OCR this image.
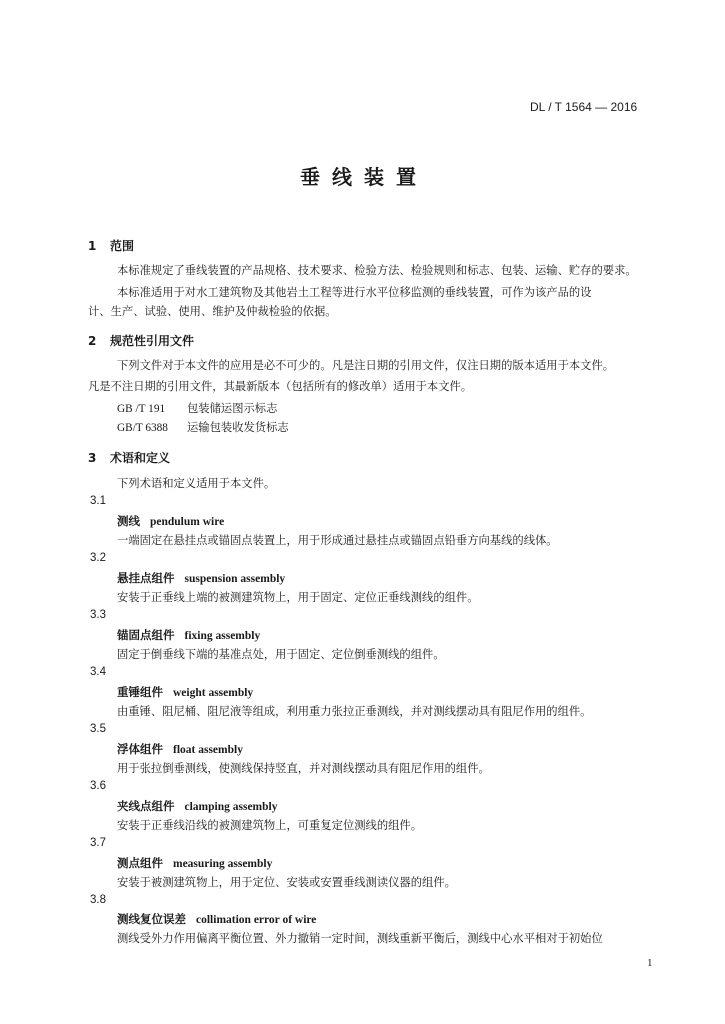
DL / T 1564 — 2016
垂线装置
1 范围
本标准规定了垂线装置的产品规格、技术要求、检验方法、检验规则和标志、包装、运输、贮存的要求。
本标准适用于对水工建筑物及其他岩土工程等进行水平位移监测的垂线装置，可作为该产品的设
计、生产、试验、使用、维护及仲裁检验的依据。
2 规范性引用文件
下列文件对于本文件的应用是必不可少的。凡是注日期的引用文件，仅注日期的版本适用于本文件。
凡是不注日期的引用文件，其最新版本（包括所有的修改单）适用于本文件。
GB /T 191 包装储运图示标志
GB/T 6388 运输包装收发货标志
3 术语和定义
下列术语和定义适用于本文件。
3.1
测线 pendulum wire
一端固定在悬挂点或锚固点装置上，用于形成通过悬挂点或锚固点铅垂方向基线的线体。
3.2
悬挂点组件 suspension assembly
安装于正垂线上端的被测建筑物上，用于固定、定位正垂线测线的组件。
3.3
锚固点组件 fixing assembly
固定于倒垂线下端的基准点处，用于固定、定位倒垂测线的组件。
3.4
重锤组件 weight assembly
由重锤、阻尼桶、阻尼液等组成，利用重力张拉正垂测线，并对测线摆动具有阻尼作用的组件。
3.5
浮体组件 float assembly
用于张拉倒垂测线，使测线保持竖直，并对测线摆动具有阻尼作用的组件。
3.6
夹线点组件 clamping assembly
安装于正垂线沿线的被测建筑物上，可重复定位测线的组件。
3.7
测点组件 measuring assembly
安装于被测建筑物上，用于定位、安装或安置垂线测读仪器的组件。
3.8
测线复位误差 collimation error of wire
测线受外力作用偏离平衡位置、外力撤销一定时间，测线重新平衡后，测线中心水平相对于初始位
1
